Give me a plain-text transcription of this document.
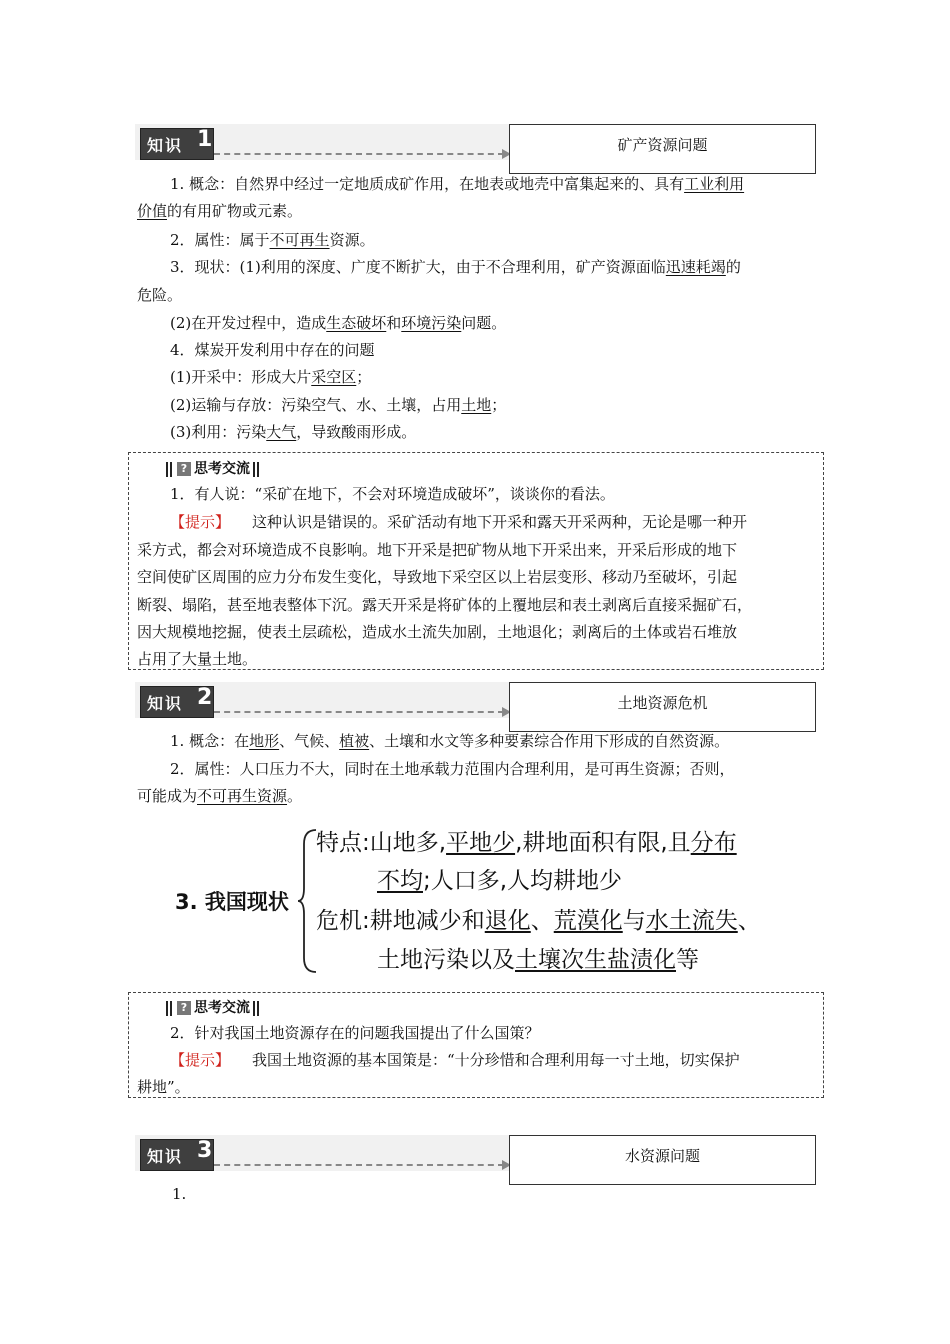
知识 1	矿产资源问题
1. 概念：自然界中经过一定地质成矿作用，在地表或地壳中富集起来的、具有工业利用
价值的有用矿物或元素。
2．属性：属于不可再生资源。
3．现状：(1)利用的深度、广度不断扩大，由于不合理利用，矿产资源面临迅速耗竭的
危险。
(2)在开发过程中，造成生态破坏和环境污染问题。
4．煤炭开发利用中存在的问题
(1)开采中：形成大片采空区；
(2)运输与存放：污染空气、水、土壤，占用土地；
(3)利用：污染大气，导致酸雨形成。
? 思考交流
1．有人说：“采矿在地下，不会对环境造成破坏”，谈谈你的看法。
【提示】 这种认识是错误的。采矿活动有地下开采和露天开采两种，无论是哪一种开
采方式，都会对环境造成不良影响。地下开采是把矿物从地下开采出来，开采后形成的地下
空间使矿区周围的应力分布发生变化，导致地下采空区以上岩层变形、移动乃至破坏，引起
断裂、塌陷，甚至地表整体下沉。露天开采是将矿体的上覆地层和表土剥离后直接采掘矿石，
因大规模地挖掘，使表土层疏松，造成水土流失加剧，土地退化；剥离后的土体或岩石堆放
占用了大量土地。
知识 2	土地资源危机
1. 概念：在地形、气候、植被、土壤和水文等多种要素综合作用下形成的自然资源。
2．属性：人口压力不大，同时在土地承载力范围内合理利用，是可再生资源；否则，
可能成为不可再生资源。
3. 我国现状
特点:山地多,平地少,耕地面积有限,且分布
不均;人口多,人均耕地少
危机:耕地减少和退化、荒漠化与水土流失、
土地污染以及土壤次生盐渍化等
? 思考交流
2．针对我国土地资源存在的问题我国提出了什么国策？
【提示】 我国土地资源的基本国策是：“十分珍惜和合理利用每一寸土地，切实保护
耕地”。
知识 3	水资源问题
1.
